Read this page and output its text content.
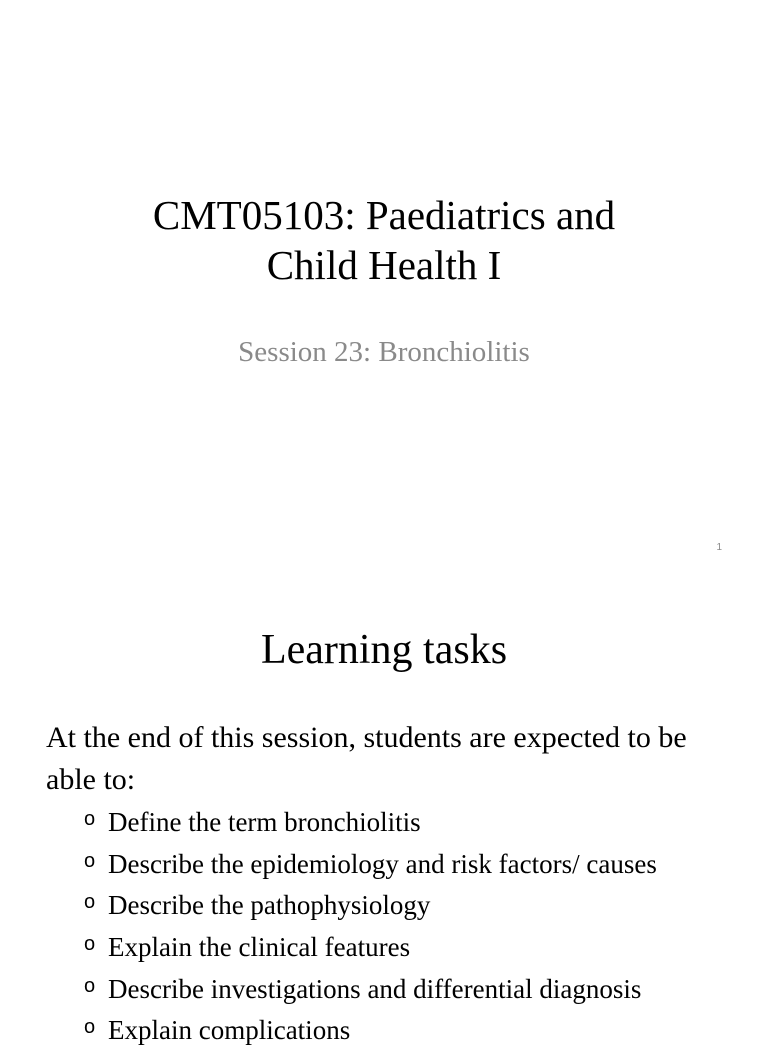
CMT05103: Paediatrics and
Child Health I
Session 23: Bronchiolitis
1
Learning tasks
At the end of this session, students are expected to be able to:
o Define the term bronchiolitis
o Describe the epidemiology and risk factors/ causes
o Describe the pathophysiology
o Explain the clinical features
o Describe investigations and differential diagnosis
o Explain complications
